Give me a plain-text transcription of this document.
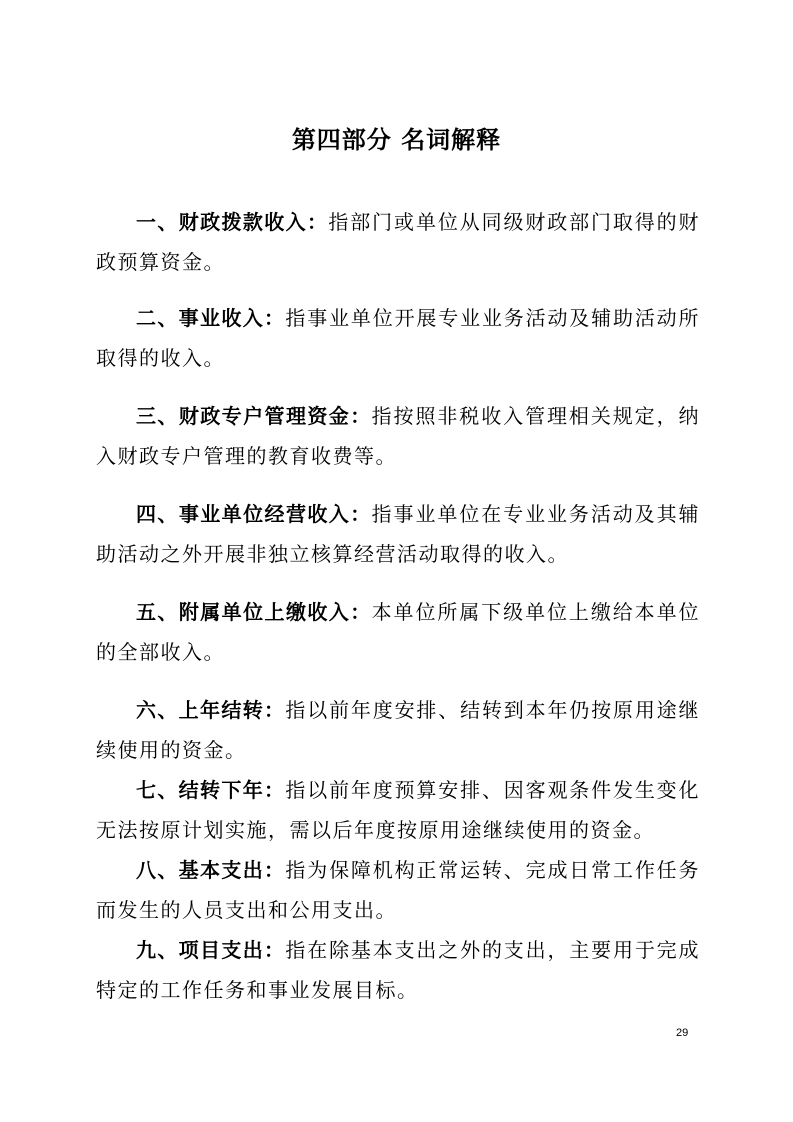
第四部分 名词解释

一、财政拨款收入：指部门或单位从同级财政部门取得的财政预算资金。

二、事业收入：指事业单位开展专业业务活动及辅助活动所取得的收入。

三、财政专户管理资金：指按照非税收入管理相关规定，纳入财政专户管理的教育收费等。

四、事业单位经营收入：指事业单位在专业业务活动及其辅助活动之外开展非独立核算经营活动取得的收入。

五、附属单位上缴收入：本单位所属下级单位上缴给本单位的全部收入。

六、上年结转：指以前年度安排、结转到本年仍按原用途继续使用的资金。

七、结转下年：指以前年度预算安排、因客观条件发生变化无法按原计划实施，需以后年度按原用途继续使用的资金。

八、基本支出：指为保障机构正常运转、完成日常工作任务而发生的人员支出和公用支出。

九、项目支出：指在除基本支出之外的支出，主要用于完成特定的工作任务和事业发展目标。

29
